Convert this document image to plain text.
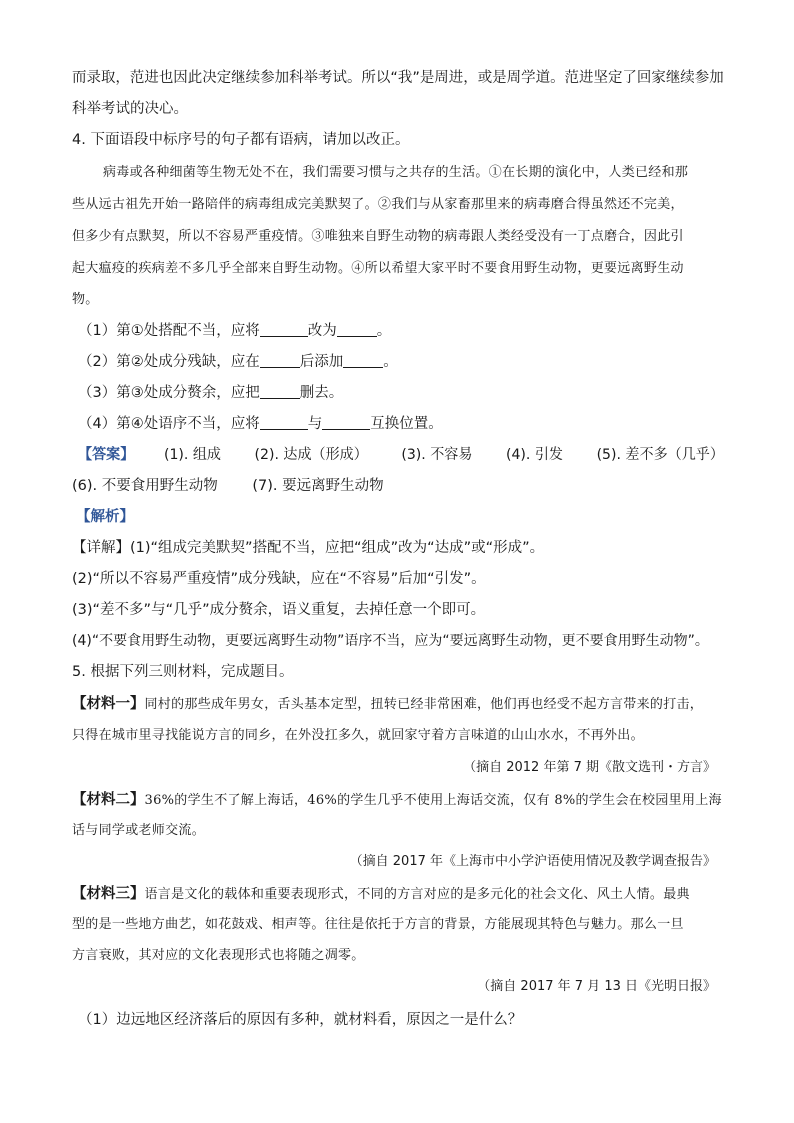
而录取，范进也因此决定继续参加科举考试。所以“我”是周进，或是周学道。范进坚定了回家继续参加
科举考试的决心。
4. 下面语段中标序号的句子都有语病，请加以改正。
病毒或各种细菌等生物无处不在，我们需要习惯与之共存的生活。①在长期的演化中，人类已经和那
些从远古祖先开始一路陪伴的病毒组成完美默契了。②我们与从家畜那里来的病毒磨合得虽然还不完美，
但多少有点默契，所以不容易严重疫情。③唯独来自野生动物的病毒跟人类经受没有一丁点磨合，因此引
起大瘟疫的疾病差不多几乎全部来自野生动物。④所以希望大家平时不要食用野生动物，更要远离野生动
物。
（1）第①处搭配不当，应将	改为	。
（2）第②处成分残缺，应在	后添加	。
（3）第③处成分赘余，应把	删去。
（4）第④处语序不当，应将	与	互换位置。
【答案】 (1). 组成 (2). 达成（形成） (3). 不容易 (4). 引发 (5). 差不多（几乎）
(6). 不要食用野生动物 (7). 要远离野生动物
【解析】
【详解】(1)“组成完美默契”搭配不当，应把“组成”改为“达成”或“形成”。
(2)“所以不容易严重疫情”成分残缺，应在“不容易”后加“引发”。
(3)“差不多”与“几乎”成分赘余，语义重复，去掉任意一个即可。
(4)“不要食用野生动物，更要远离野生动物”语序不当，应为“要远离野生动物，更不要食用野生动物”。
5. 根据下列三则材料，完成题目。
【材料一】同村的那些成年男女，舌头基本定型，扭转已经非常困难，他们再也经受不起方言带来的打击，
只得在城市里寻找能说方言的同乡，在外没扛多久，就回家守着方言味道的山山水水，不再外出。
（摘自 2012 年第 7 期《散文选刊・方言》
【材料二】36%的学生不了解上海话，46%的学生几乎不使用上海话交流，仅有 8%的学生会在校园里用上海
话与同学或老师交流。
（摘自 2017 年《上海市中小学沪语使用情况及教学调查报告》
【材料三】语言是文化的载体和重要表现形式，不同的方言对应的是多元化的社会文化、风土人情。最典
型的是一些地方曲艺，如花鼓戏、相声等。往往是依托于方言的背景，方能展现其特色与魅力。那么一旦
方言衰败，其对应的文化表现形式也将随之凋零。
（摘自 2017 年 7 月 13 日《光明日报》
（1）边远地区经济落后的原因有多种，就材料看，原因之一是什么？
